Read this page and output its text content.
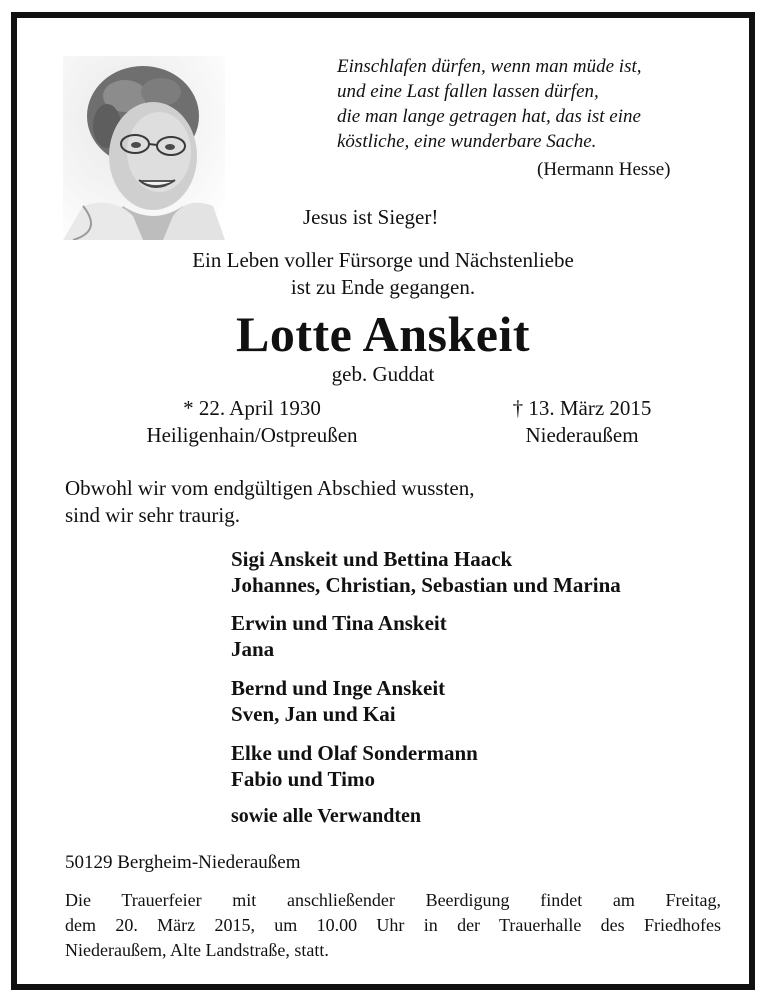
Einschlafen dürfen, wenn man müde ist,
und eine Last fallen lassen dürfen,
die man lange getragen hat, das ist eine
köstliche, eine wunderbare Sache.
(Hermann Hesse)
Jesus ist Sieger!
Ein Leben voller Fürsorge und Nächstenliebe
ist zu Ende gegangen.
Lotte Anskeit
geb. Guddat
* 22. April 1930
Heiligenhain/Ostpreußen
† 13. März 2015
Niederaußem
Obwohl wir vom endgültigen Abschied wussten,
sind wir sehr traurig.
Sigi Anskeit und Bettina Haack
Johannes, Christian, Sebastian und Marina
Erwin und Tina Anskeit
Jana
Bernd und Inge Anskeit
Sven, Jan und Kai
Elke und Olaf Sondermann
Fabio und Timo
sowie alle Verwandten
50129 Bergheim-Niederaußem
Die Trauerfeier mit anschließender Beerdigung findet am Freitag,
dem 20. März 2015, um 10.00 Uhr in der Trauerhalle des Friedhofes
Niederaußem, Alte Landstraße, statt.
